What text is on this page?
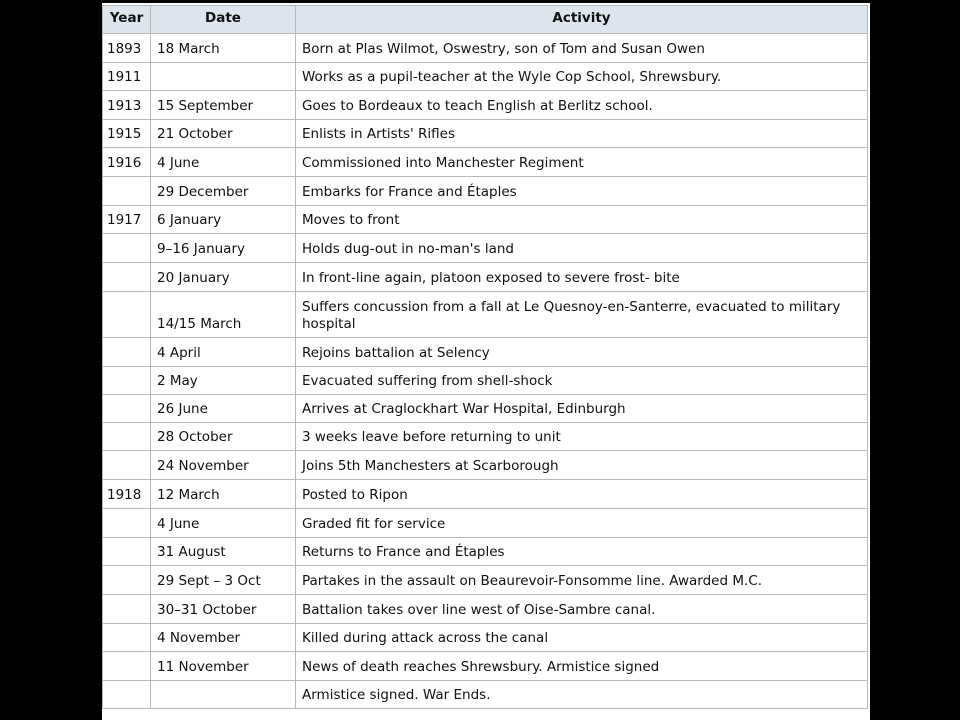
Year	Date	Activity
1893	18 March	Born at Plas Wilmot, Oswestry, son of Tom and Susan Owen
1911		Works as a pupil-teacher at the Wyle Cop School, Shrewsbury.
1913	15 September	Goes to Bordeaux to teach English at Berlitz school.
1915	21 October	Enlists in Artists' Rifles
1916	4 June	Commissioned into Manchester Regiment
	29 December	Embarks for France and Étaples
1917	6 January	Moves to front
	9–16 January	Holds dug-out in no-man's land
	20 January	In front-line again, platoon exposed to severe frost- bite
	14/15 March	Suffers concussion from a fall at Le Quesnoy-en-Santerre, evacuated to military hospital
	4 April	Rejoins battalion at Selency
	2 May	Evacuated suffering from shell-shock
	26 June	Arrives at Craglockhart War Hospital, Edinburgh
	28 October	3 weeks leave before returning to unit
	24 November	Joins 5th Manchesters at Scarborough
1918	12 March	Posted to Ripon
	4 June	Graded fit for service
	31 August	Returns to France and Étaples
	29 Sept – 3 Oct	Partakes in the assault on Beaurevoir-Fonsomme line. Awarded M.C.
	30–31 October	Battalion takes over line west of Oise-Sambre canal.
	4 November	Killed during attack across the canal
	11 November	News of death reaches Shrewsbury. Armistice signed
		Armistice signed. War Ends.
